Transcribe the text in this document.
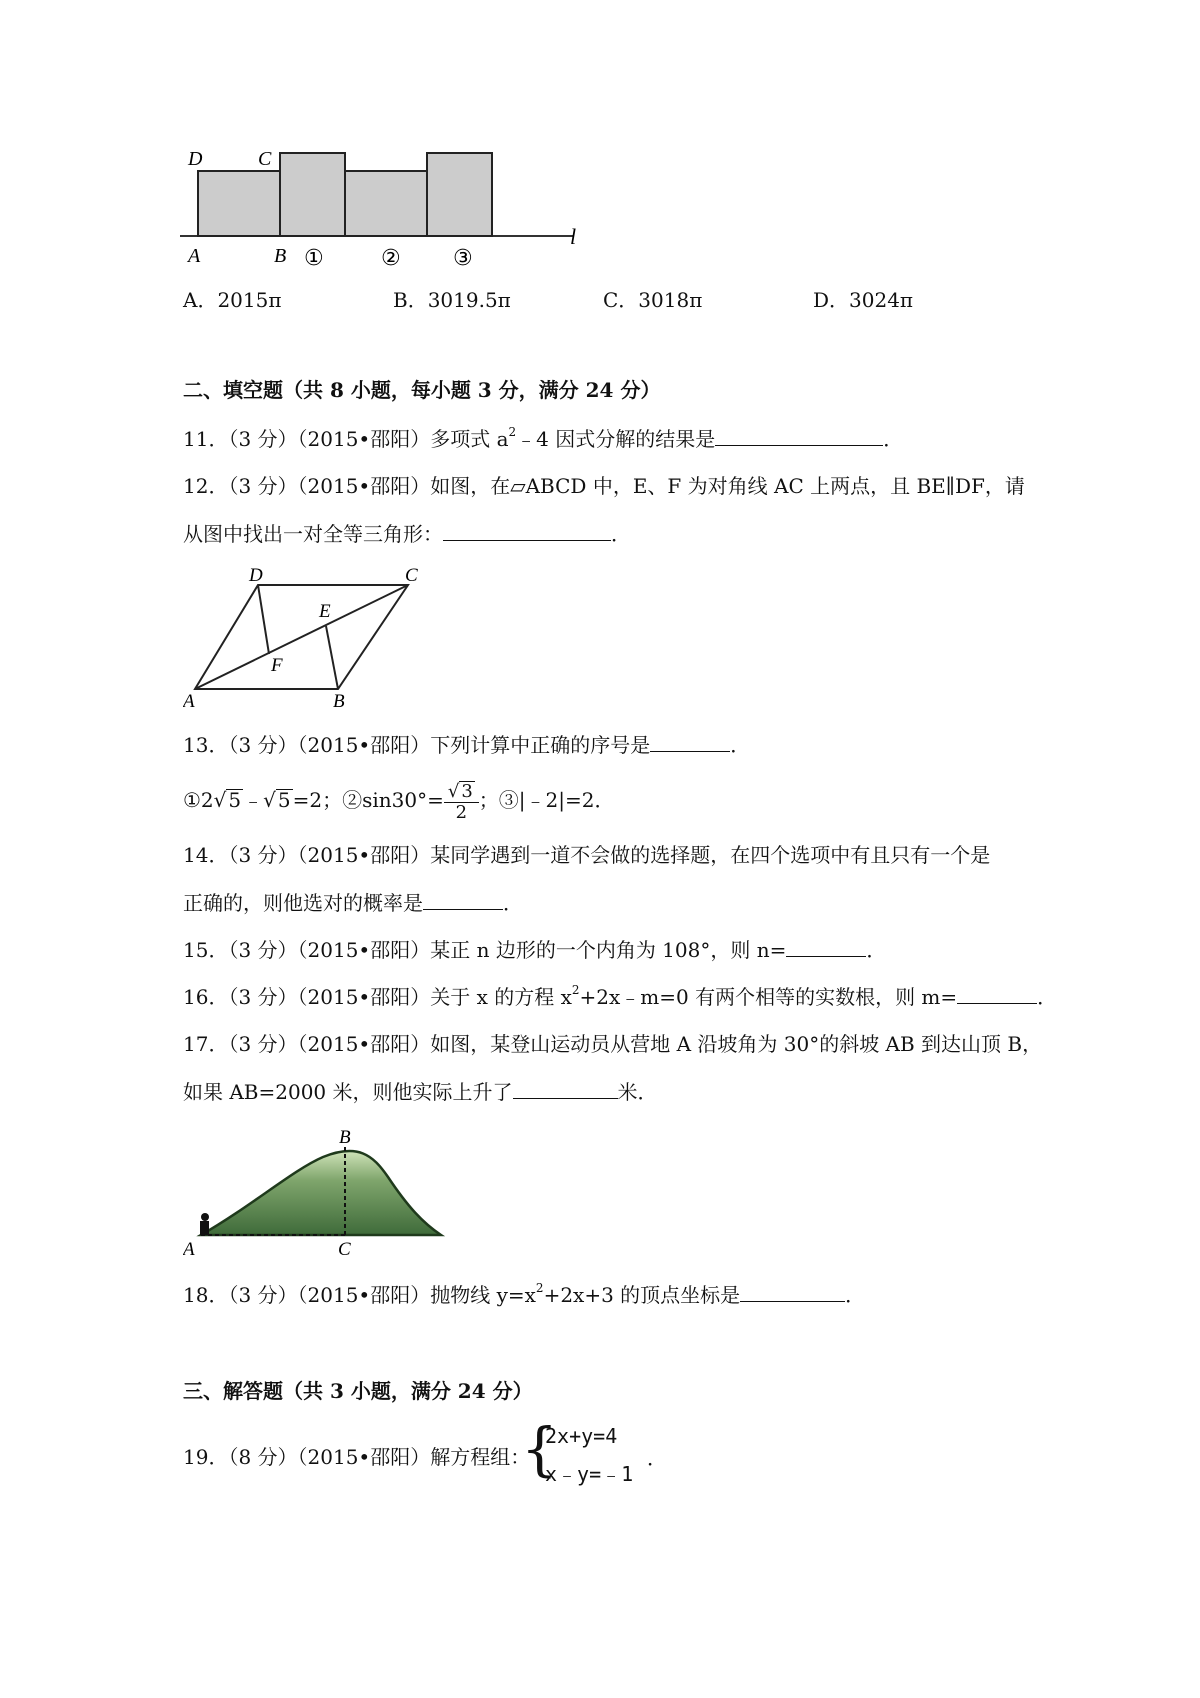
D	C
A	B ①	② ③
l
A．2015π	B．3019.5π	C．3018π	D．3024π
二、填空题（共 8 小题，每小题 3 分，满分 24 分）
11．（3 分）（2015•邵阳）多项式 $a^2﹣4$ 因式分解的结果是	．
12．（3 分）（2015•邵阳）如图，在▱ABCD 中，E、F 为对角线 AC 上两点，且 BE∥DF，请
从图中找出一对全等三角形：	．
D	C
E
F
A	B
13．（3 分）（2015•邵阳）下列计算中正确的序号是	．
①2√ 5 ﹣√ 5 =2；②sin30°= $\frac{√ 3}{2}$ ；③|﹣2|=2．
14．（3 分）（2015•邵阳）某同学遇到一道不会做的选择题，在四个选项中有且只有一个是
正确的，则他选对的概率是	．
15．（3 分）（2015•邵阳）某正 n 边形的一个内角为 108°，则 n=	．
16．（3 分）（2015•邵阳）关于 x 的方程 $x^2+2x﹣m=0$ 有两个相等的实数根，则 m=	．
17．（3 分）（2015•邵阳）如图，某登山运动员从营地 A 沿坡角为 30°的斜坡 AB 到达山顶 B，
如果 AB=2000 米，则他实际上升了	米．
A
B
C
18．（3 分）（2015•邵阳）抛物线 $y=x^2+2x+3$ 的顶点坐标是	．
三、解答题（共 3 小题，满分 24 分）
19．（8 分）（2015•邵阳）解方程组：
{
2x+y=4
x﹣y=﹣1
．
